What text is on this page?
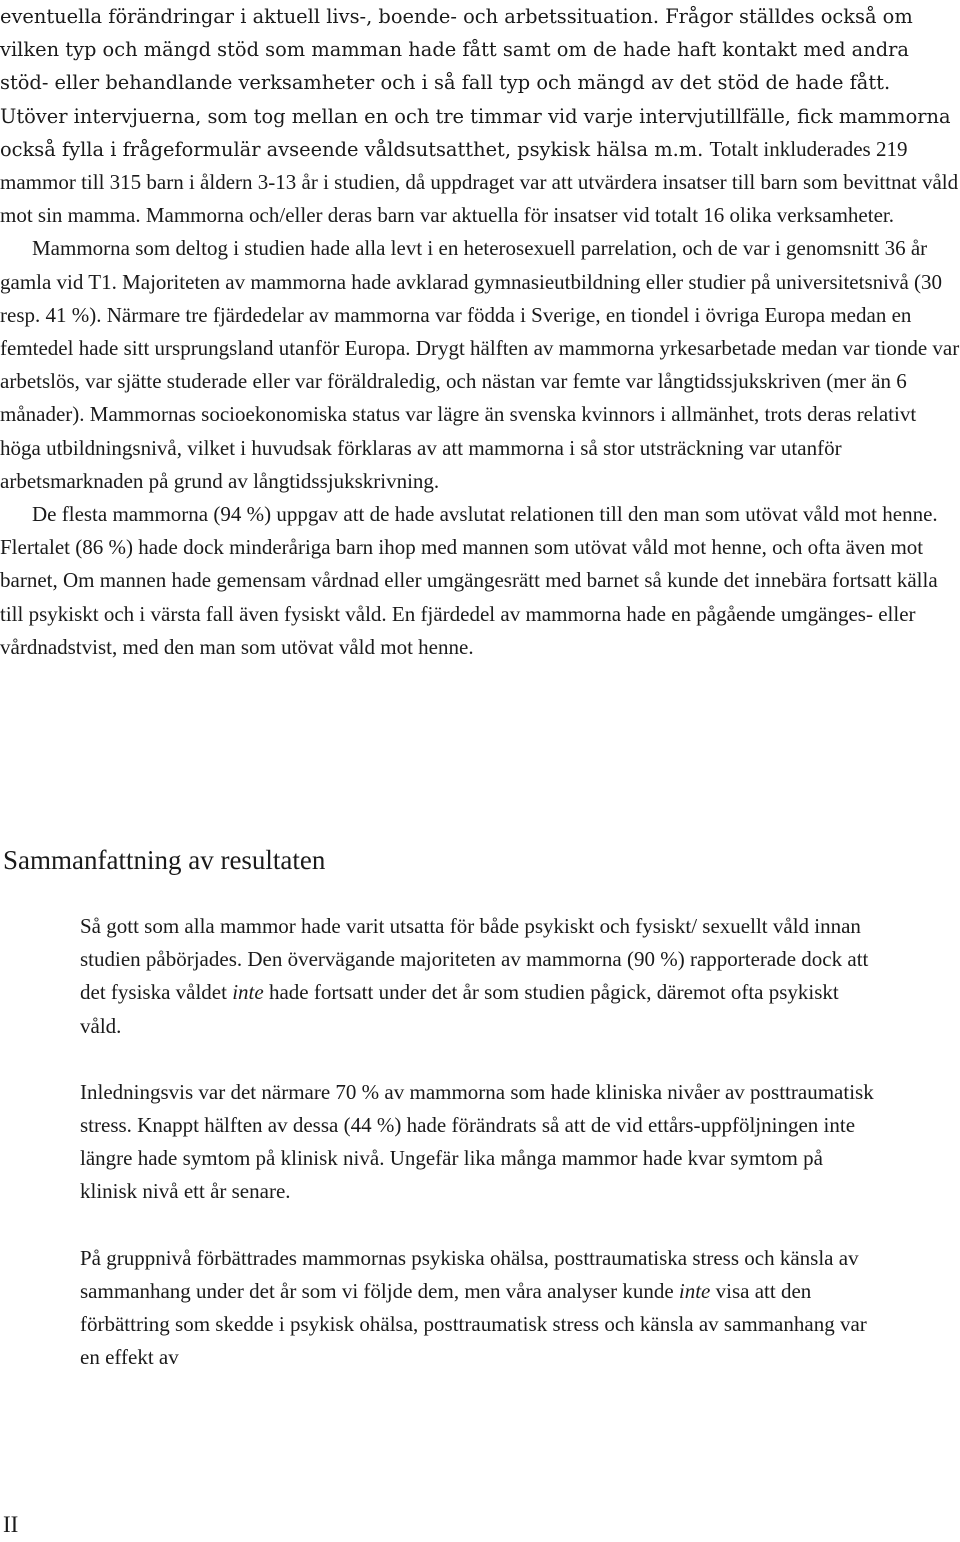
eventuella förändringar i aktuell livs-, boende- och arbetssituation. Frågor ställdes också om vilken typ och mängd stöd som mamman hade fått samt om de hade haft kontakt med andra stöd- eller behandlande verksamheter och i så fall typ och mängd av det stöd de hade fått. Utöver intervjuerna, som tog mellan en och tre timmar vid varje intervjutillfälle, fick mammorna också fylla i frågeformulär avseende våldsutsatthet, psykisk hälsa m.m. Totalt inkluderades 219 mammor till 315 barn i åldern 3-13 år i studien, då uppdraget var att utvärdera insatser till barn som bevittnat våld mot sin mamma. Mammorna och/eller deras barn var aktuella för insatser vid totalt 16 olika verksamheter.

Mammorna som deltog i studien hade alla levt i en heterosexuell parrelation, och de var i genomsnitt 36 år gamla vid T1. Majoriteten av mammorna hade avklarad gymnasieutbildning eller studier på universitetsnivå (30 resp. 41 %). Närmare tre fjärdedelar av mammorna var födda i Sverige, en tiondel i övriga Europa medan en femtedel hade sitt ursprungsland utanför Europa. Drygt hälften av mammorna yrkesarbetade medan var tionde var arbetslös, var sjätte studerade eller var föräldraledig, och nästan var femte var långtidssjukskriven (mer än 6 månader). Mammornas socioekonomiska status var lägre än svenska kvinnors i allmänhet, trots deras relativt höga utbildningsnivå, vilket i huvudsak förklaras av att mammorna i så stor utsträckning var utanför arbetsmarknaden på grund av långtidssjukskrivning.

De flesta mammorna (94 %) uppgav att de hade avslutat relationen till den man som utövat våld mot henne. Flertalet (86 %) hade dock minderåriga barn ihop med mannen som utövat våld mot henne, och ofta även mot barnet, Om mannen hade gemensam vårdnad eller umgängesrätt med barnet så kunde det innebära fortsatt källa till psykiskt och i värsta fall även fysiskt våld. En fjärdedel av mammorna hade en pågående umgänges- eller vårdnadstvist, med den man som utövat våld mot henne.

Sammanfattning av resultaten

Så gott som alla mammor hade varit utsatta för både psykiskt och fysiskt/ sexuellt våld innan studien påbörjades. Den övervägande majoriteten av mammorna (90 %) rapporterade dock att det fysiska våldet inte hade fortsatt under det år som studien pågick, däremot ofta psykiskt våld.

Inledningsvis var det närmare 70 % av mammorna som hade kliniska nivåer av posttraumatisk stress. Knappt hälften av dessa (44 %) hade förändrats så att de vid ettårs-uppföljningen inte längre hade symtom på klinisk nivå. Ungefär lika många mammor hade kvar symtom på klinisk nivå ett år senare.

På gruppnivå förbättrades mammornas psykiska ohälsa, posttraumatiska stress och känsla av sammanhang under det år som vi följde dem, men våra analyser kunde inte visa att den förbättring som skedde i psykisk ohälsa, posttraumatisk stress och känsla av sammanhang var en effekt av

II
